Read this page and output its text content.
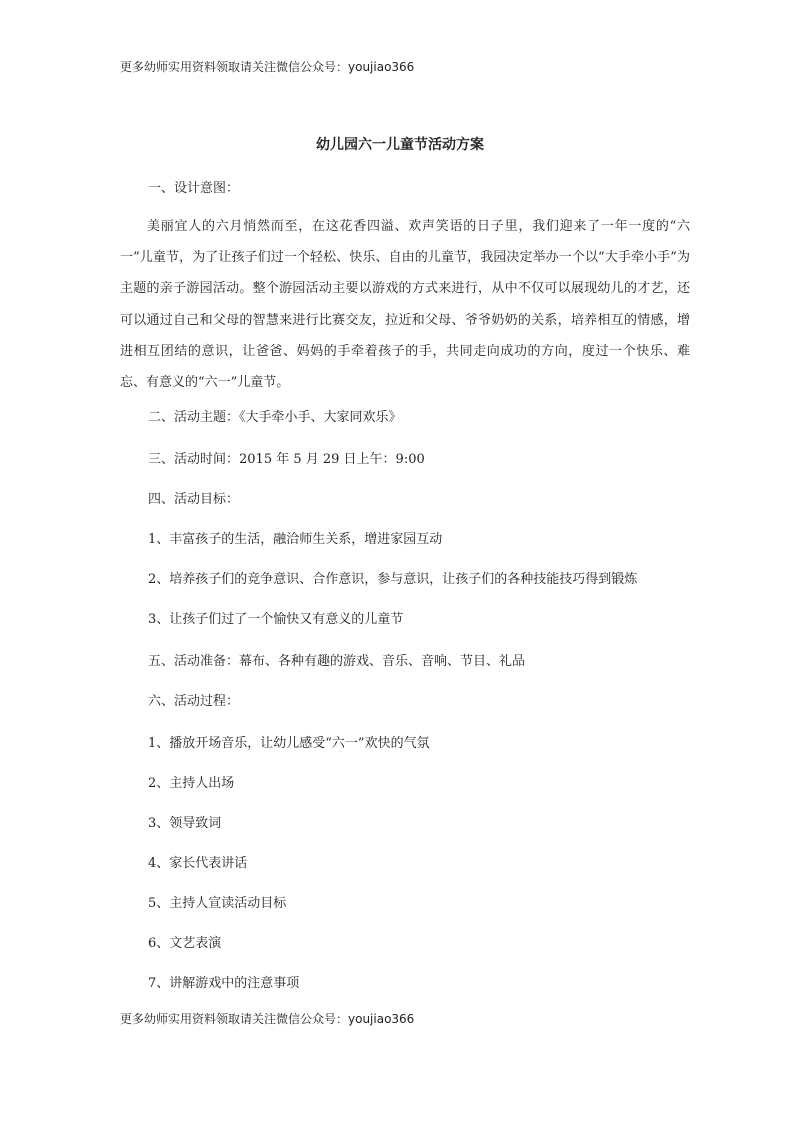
更多幼师实用资料领取请关注微信公众号：youjiao366
幼儿园六一儿童节活动方案
一、设计意图：
美丽宜人的六月悄然而至，在这花香四溢、欢声笑语的日子里，我们迎来了一年一度的“六一”儿童节，为了让孩子们过一个轻松、快乐、自由的儿童节，我园决定举办一个以“大手牵小手”为主题的亲子游园活动。整个游园活动主要以游戏的方式来进行，从中不仅可以展现幼儿的才艺，还可以通过自己和父母的智慧来进行比赛交友，拉近和父母、爷爷奶奶的关系，培养相互的情感，增进相互团结的意识，让爸爸、妈妈的手牵着孩子的手，共同走向成功的方向，度过一个快乐、难忘、有意义的“六一”儿童节。
二、活动主题：《大手牵小手、大家同欢乐》
三、活动时间：2015 年 5 月 29 日上午：9:00
四、活动目标：
1、丰富孩子的生活，融洽师生关系，增进家园互动
2、培养孩子们的竞争意识、合作意识，参与意识，让孩子们的各种技能技巧得到锻炼
3、让孩子们过了一个愉快又有意义的儿童节
五、活动准备：幕布、各种有趣的游戏、音乐、音响、节目、礼品
六、活动过程：
1、播放开场音乐，让幼儿感受“六一”欢快的气氛
2、主持人出场
3、领导致词
4、家长代表讲话
5、主持人宣读活动目标
6、文艺表演
7、讲解游戏中的注意事项
更多幼师实用资料领取请关注微信公众号：youjiao366
